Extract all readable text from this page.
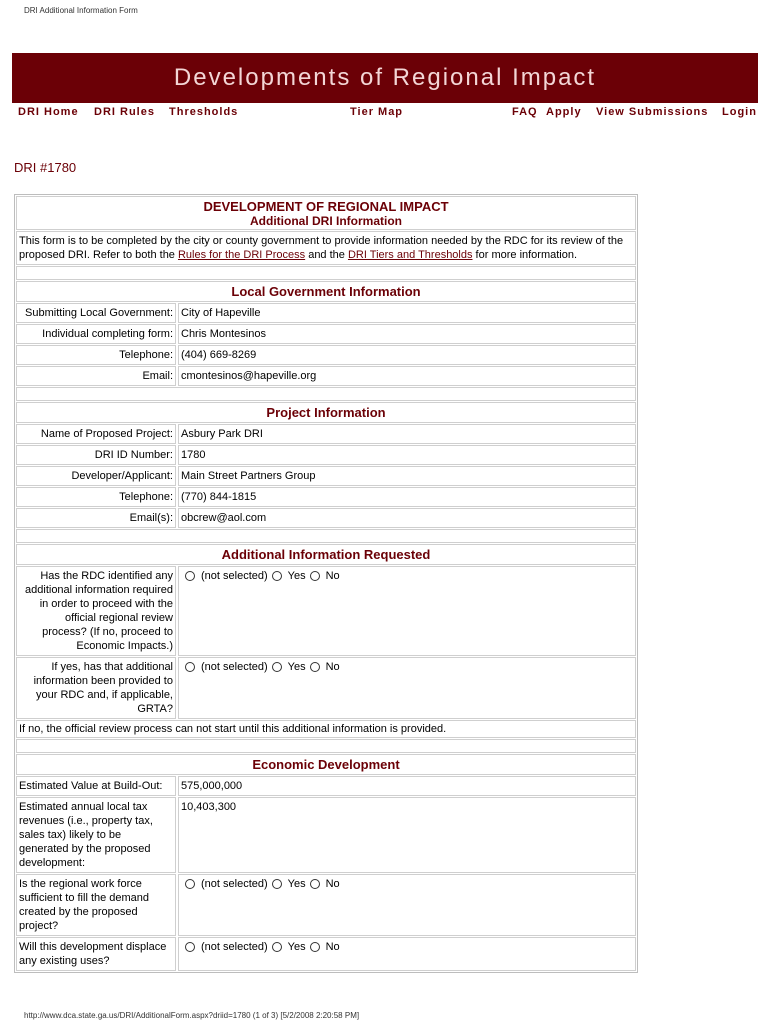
DRI Additional Information Form
Developments of Regional Impact
DRI Home DRI Rules Thresholds	Tier Map	FAQ Apply View Submissions Login
DRI #1780
DEVELOPMENT OF REGIONAL IMPACT
Additional DRI Information
This form is to be completed by the city or county government to provide information needed by the RDC for its review of the proposed DRI. Refer to both the Rules for the DRI Process and the DRI Tiers and Thresholds for more information.
Local Government Information
Submitting Local Government: City of Hapeville
Individual completing form: Chris Montesinos
Telephone: (404) 669-8269
Email: cmontesinos@hapeville.org
Project Information
Name of Proposed Project: Asbury Park DRI
DRI ID Number: 1780
Developer/Applicant: Main Street Partners Group
Telephone: (770) 844-1815
Email(s): obcrew@aol.com
Additional Information Requested
Has the RDC identified any additional information required in order to proceed with the official regional review process? (If no, proceed to Economic Impacts.)
(not selected) Yes No
If yes, has that additional information been provided to your RDC and, if applicable, GRTA?
(not selected) Yes No
If no, the official review process can not start until this additional information is provided.
Economic Development
Estimated Value at Build-Out:	575,000,000
Estimated annual local tax revenues (i.e., property tax, sales tax) likely to be generated by the proposed development:
10,403,300
Is the regional work force sufficient to fill the demand created by the proposed project?
(not selected) Yes No
Will this development displace any existing uses?
(not selected) Yes No
http://www.dca.state.ga.us/DRI/AdditionalForm.aspx?driid=1780 (1 of 3) [5/2/2008 2:20:58 PM]
